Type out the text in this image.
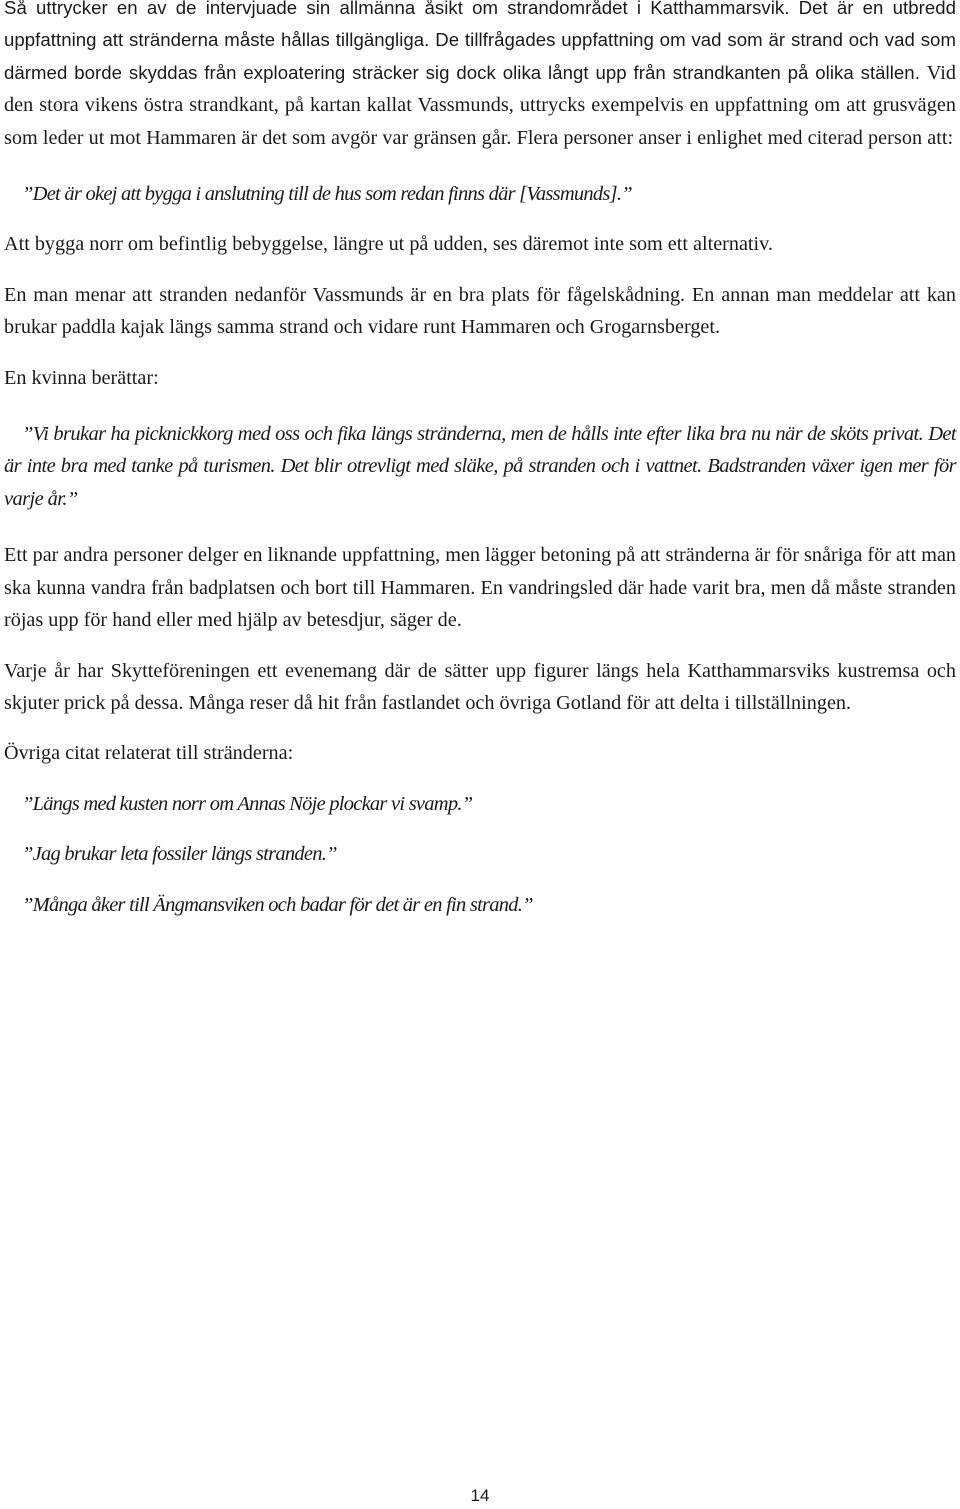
Så uttrycker en av de intervjuade sin allmänna åsikt om strandområdet i Katthammarsvik. Det är en utbredd uppfattning att stränderna måste hållas tillgängliga. De tillfrågades uppfattning om vad som är strand och vad som därmed borde skyddas från exploatering sträcker sig dock olika långt upp från strandkanten på olika ställen. Vid den stora vikens östra strandkant, på kartan kallat Vassmunds, uttrycks exempelvis en uppfattning om att grusvägen som leder ut mot Hammaren är det som avgör var gränsen går. Flera personer anser i enlighet med citerad person att:

”Det är okej att bygga i anslutning till de hus som redan finns där [Vassmunds].”

Att bygga norr om befintlig bebyggelse, längre ut på udden, ses däremot inte som ett alternativ.

En man menar att stranden nedanför Vassmunds är en bra plats för fågelskådning. En annan man meddelar att kan brukar paddla kajak längs samma strand och vidare runt Hammaren och Grogarnsberget.

En kvinna berättar:

”Vi brukar ha picknickkorg med oss och fika längs stränderna, men de hålls inte efter lika bra nu när de sköts privat. Det är inte bra med tanke på turismen. Det blir otrevligt med släke, på stranden och i vattnet. Badstranden växer igen mer för varje år.”

Ett par andra personer delger en liknande uppfattning, men lägger betoning på att stränderna är för snåriga för att man ska kunna vandra från badplatsen och bort till Hammaren. En vandringsled där hade varit bra, men då måste stranden röjas upp för hand eller med hjälp av betesdjur, säger de.

Varje år har Skytteföreningen ett evenemang där de sätter upp figurer längs hela Katthammarsviks kustremsa och skjuter prick på dessa. Många reser då hit från fastlandet och övriga Gotland för att delta i tillställningen.

Övriga citat relaterat till stränderna:

”Längs med kusten norr om Annas Nöje plockar vi svamp.”

”Jag brukar leta fossiler längs stranden.”

”Många åker till Ängmansviken och badar för det är en fin strand.”

14
